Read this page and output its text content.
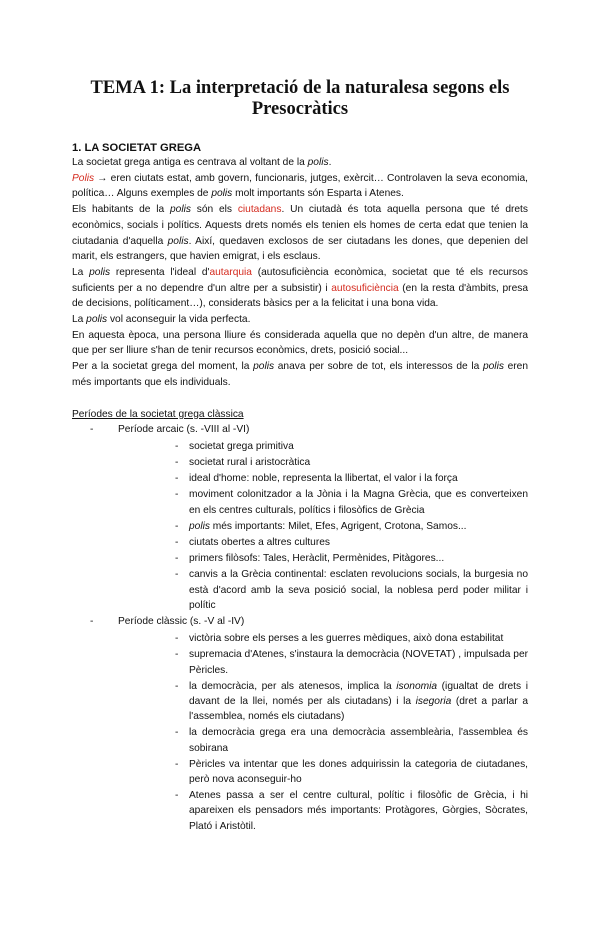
TEMA 1: La interpretació de la naturalesa segons els Presocràtics
1. LA SOCIETAT GREGA

La societat grega antiga es centrava al voltant de la polis.

Polis → eren ciutats estat, amb govern, funcionaris, jutges, exèrcit… Controlaven la seva economia, política… Alguns exemples de polis molt importants són Esparta i Atenes.

Els habitants de la polis són els ciutadans. Un ciutadà és tota aquella persona que té drets econòmics, socials i polítics. Aquests drets només els tenien els homes de certa edat que tenien la ciutadania d'aquella polis. Així, quedaven exclosos de ser ciutadans les dones, que depenien del marit, els estrangers, que havien emigrat, i els esclaus.

La polis representa l'ideal d'autarquia (autosuficiència econòmica, societat que té els recursos suficients per a no dependre d'un altre per a subsistir) i autosuficiència (en la resta d'àmbits, presa de decisions, políticament…), considerats bàsics per a la felicitat i una bona vida.

La polis vol aconseguir la vida perfecta.

En aquesta època, una persona lliure és considerada aquella que no depèn d'un altre, de manera que per ser lliure s'han de tenir recursos econòmics, drets, posició social...

Per a la societat grega del moment, la polis anava per sobre de tot, els interessos de la polis eren més importants que els individuals.

Períodes de la societat grega clàssica
- Període arcaic (s. -VIII al -VI)
- societat grega primitiva
- societat rural i aristocràtica
- ideal d'home: noble, representa la llibertat, el valor i la força
- moviment colonitzador a la Jònia i la Magna Grècia, que es converteixen en els centres culturals, polítics i filosòfics de Grècia
- polis més importants: Milet, Efes, Agrigent, Crotona, Samos...
- ciutats obertes a altres cultures
- primers filòsofs: Tales, Heràclit, Permènides, Pitàgores...
- canvis a la Grècia continental: esclaten revolucions socials, la burgesia no està d'acord amb la seva posició social, la noblesa perd poder militar i polític
- Període clàssic (s. -V al -IV)
- victòria sobre els perses a les guerres mèdiques, això dona estabilitat
- supremacia d'Atenes, s'instaura la democràcia (NOVETAT) , impulsada per Pèricles.
- la democràcia, per als atenesos, implica la isonomia (igualtat de drets i davant de la llei, només per als ciutadans) i la isegoria (dret a parlar a l'assemblea, només els ciutadans)
- la democràcia grega era una democràcia assembleària, l'assemblea és sobirana
- Pèricles va intentar que les dones adquirissin la categoria de ciutadanes, però nova aconseguir-ho
- Atenes passa a ser el centre cultural, polític i filosòfic de Grècia, i hi apareixen els pensadors més importants: Protàgores, Gòrgies, Sòcrates, Plató i Aristòtil.
